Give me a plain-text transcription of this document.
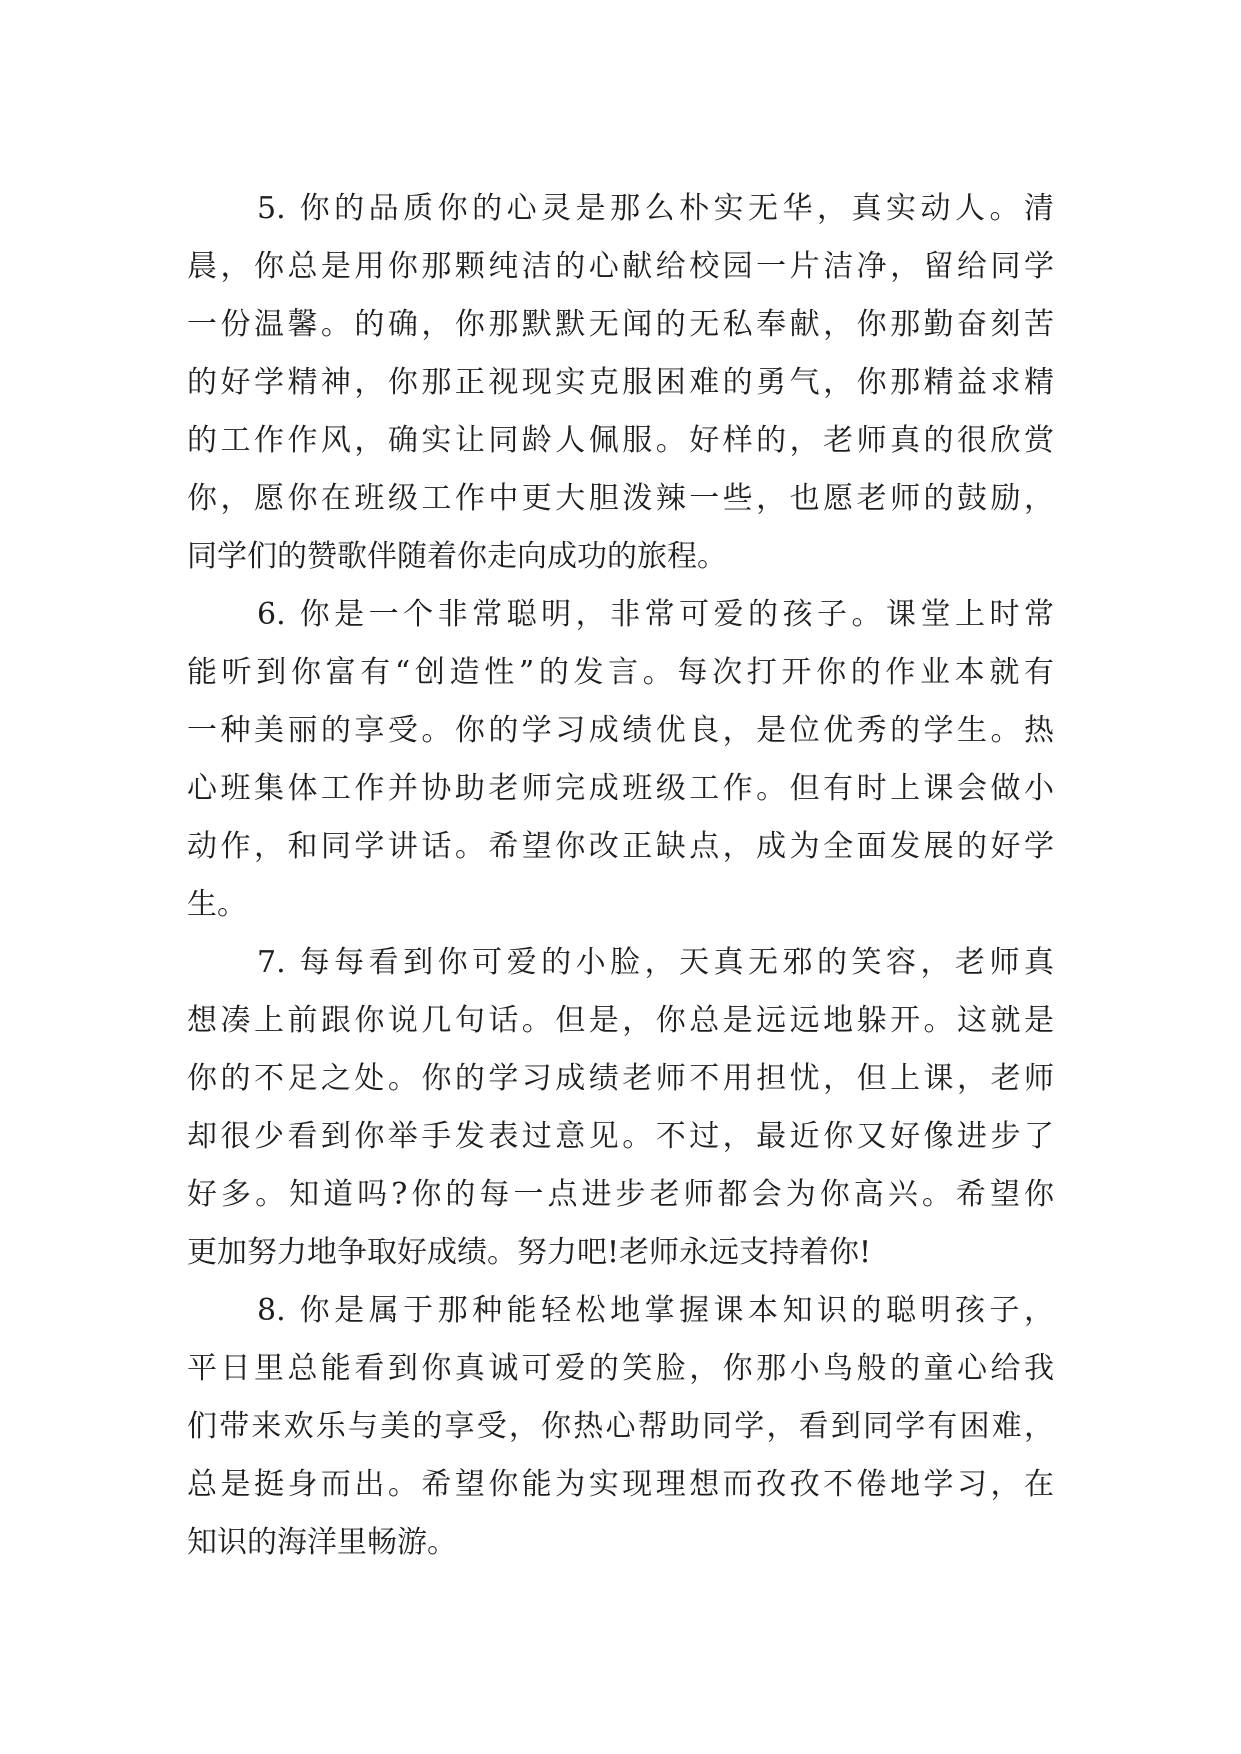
5. 你的品质你的心灵是那么朴实无华，真实动人。清
晨，你总是用你那颗纯洁的心献给校园一片洁净，留给同学
一份温馨。的确，你那默默无闻的无私奉献，你那勤奋刻苦
的好学精神，你那正视现实克服困难的勇气，你那精益求精
的工作作风，确实让同龄人佩服。好样的，老师真的很欣赏
你，愿你在班级工作中更大胆泼辣一些，也愿老师的鼓励，
同学们的赞歌伴随着你走向成功的旅程。
6. 你是一个非常聪明，非常可爱的孩子。课堂上时常
能听到你富有“创造性”的发言。每次打开你的作业本就有
一种美丽的享受。你的学习成绩优良，是位优秀的学生。热
心班集体工作并协助老师完成班级工作。但有时上课会做小
动作，和同学讲话。希望你改正缺点，成为全面发展的好学
生。
7. 每每看到你可爱的小脸，天真无邪的笑容，老师真
想凑上前跟你说几句话。但是，你总是远远地躲开。这就是
你的不足之处。你的学习成绩老师不用担忧，但上课，老师
却很少看到你举手发表过意见。不过，最近你又好像进步了
好多。知道吗?你的每一点进步老师都会为你高兴。希望你
更加努力地争取好成绩。努力吧!老师永远支持着你!
8. 你是属于那种能轻松地掌握课本知识的聪明孩子，
平日里总能看到你真诚可爱的笑脸，你那小鸟般的童心给我
们带来欢乐与美的享受，你热心帮助同学，看到同学有困难，
总是挺身而出。希望你能为实现理想而孜孜不倦地学习，在
知识的海洋里畅游。
